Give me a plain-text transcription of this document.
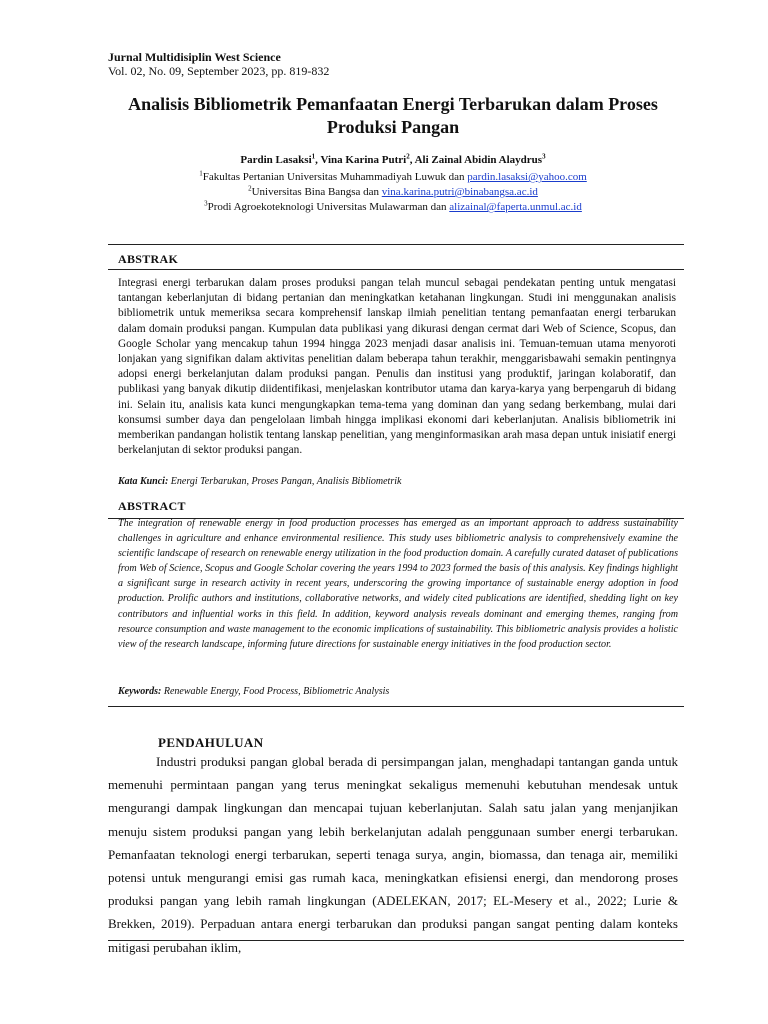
Jurnal Multidisiplin West Science
Vol. 02, No. 09, September 2023, pp. 819-832
Analisis Bibliometrik Pemanfaatan Energi Terbarukan dalam Proses Produksi Pangan
Pardin Lasaksi$^1$, Vina Karina Putri$^2$, Ali Zainal Abidin Alaydrus$^3$
$^1$Fakultas Pertanian Universitas Muhammadiyah Luwuk dan pardin.lasaksi@yahoo.com
$^2$Universitas Bina Bangsa dan vina.karina.putri@binabangsa.ac.id
$^3$Prodi Agroekoteknologi Universitas Mulawarman dan alizainal@faperta.unmul.ac.id
ABSTRAK

Integrasi energi terbarukan dalam proses produksi pangan telah muncul sebagai pendekatan penting untuk mengatasi tantangan keberlanjutan di bidang pertanian dan meningkatkan ketahanan lingkungan. Studi ini menggunakan analisis bibliometrik untuk memeriksa secara komprehensif lanskap ilmiah penelitian tentang pemanfaatan energi terbarukan dalam domain produksi pangan. Kumpulan data publikasi yang dikurasi dengan cermat dari Web of Science, Scopus, dan Google Scholar yang mencakup tahun 1994 hingga 2023 menjadi dasar analisis ini. Temuan-temuan utama menyoroti lonjakan yang signifikan dalam aktivitas penelitian dalam beberapa tahun terakhir, menggarisbawahi semakin pentingnya adopsi energi berkelanjutan dalam produksi pangan. Penulis dan institusi yang produktif, jaringan kolaboratif, dan publikasi yang banyak dikutip diidentifikasi, menjelaskan kontributor utama dan karya-karya yang berpengaruh di bidang ini. Selain itu, analisis kata kunci mengungkapkan tema-tema yang dominan dan yang sedang berkembang, mulai dari konsumsi sumber daya dan pengelolaan limbah hingga implikasi ekonomi dari keberlanjutan. Analisis bibliometrik ini memberikan pandangan holistik tentang lanskap penelitian, yang menginformasikan arah masa depan untuk inisiatif energi berkelanjutan di sektor produksi pangan.

Kata Kunci: Energi Terbarukan, Proses Pangan, Analisis Bibliometrik
ABSTRACT

The integration of renewable energy in food production processes has emerged as an important approach to address sustainability challenges in agriculture and enhance environmental resilience. This study uses bibliometric analysis to comprehensively examine the scientific landscape of research on renewable energy utilization in the food production domain. A carefully curated dataset of publications from Web of Science, Scopus and Google Scholar covering the years 1994 to 2023 formed the basis of this analysis. Key findings highlight a significant surge in research activity in recent years, underscoring the growing importance of sustainable energy adoption in food production. Prolific authors and institutions, collaborative networks, and widely cited publications are identified, shedding light on key contributors and influential works in this field. In addition, keyword analysis reveals dominant and emerging themes, ranging from resource consumption and waste management to the economic implications of sustainability. This bibliometric analysis provides a holistic view of the research landscape, informing future directions for sustainable energy initiatives in the food production sector.

Keywords: Renewable Energy, Food Process, Bibliometric Analysis
PENDAHULUAN

Industri produksi pangan global berada di persimpangan jalan, menghadapi tantangan ganda untuk memenuhi permintaan pangan yang terus meningkat sekaligus memenuhi kebutuhan mendesak untuk mengurangi dampak lingkungan dan mencapai tujuan keberlanjutan. Salah satu jalan yang menjanjikan menuju sistem produksi pangan yang lebih berkelanjutan adalah penggunaan sumber energi terbarukan. Pemanfaatan teknologi energi terbarukan, seperti tenaga surya, angin, biomassa, dan tenaga air, memiliki potensi untuk mengurangi emisi gas rumah kaca, meningkatkan efisiensi energi, dan mendorong proses produksi pangan yang lebih ramah lingkungan (ADELEKAN, 2017; EL-Mesery et al., 2022; Lurie & Brekken, 2019). Perpaduan antara energi terbarukan dan produksi pangan sangat penting dalam konteks mitigasi perubahan iklim,
